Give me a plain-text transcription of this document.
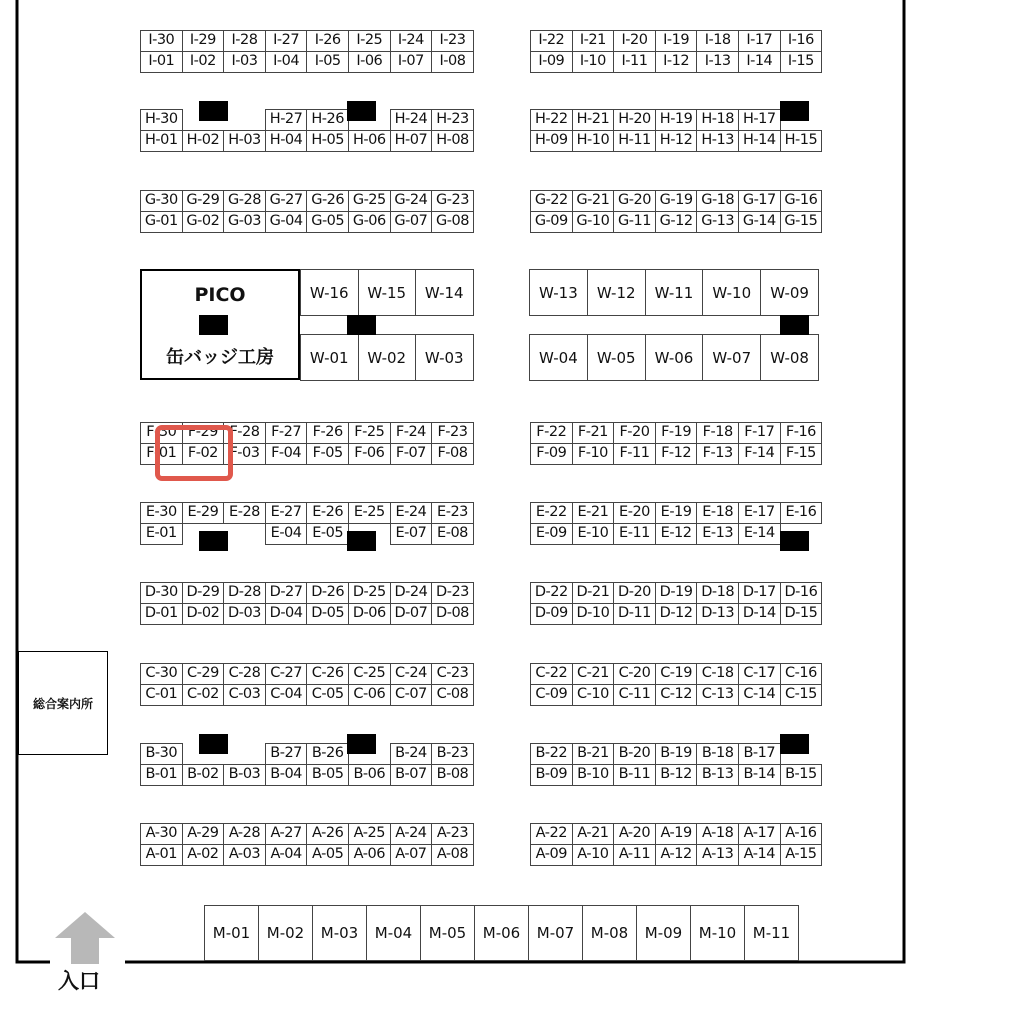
I-30	I-29	I-28	I-27	I-26	I-25	I-24	I-23
I-01	I-02	I-03	I-04	I-05	I-06	I-07	I-08
I-22	I-21	I-20	I-19	I-18	I-17	I-16
I-09	I-10	I-11	I-12	I-13	I-14	I-15
H-30	H-27 H-26	H-24 H-23
H-01 H-02 H-03 H-04 H-05 H-06 H-07 H-08
H-22 H-21 H-20 H-19 H-18 H-17
H-09 H-10 H-11 H-12 H-13 H-14 H-15
G-30 G-29 G-28 G-27 G-26 G-25 G-24 G-23
G-01 G-02 G-03 G-04 G-05 G-06 G-07 G-08
G-22 G-21 G-20 G-19 G-18 G-17 G-16
G-09 G-10 G-11 G-12 G-13 G-14 G-15
F-30 F-29 F-28 F-27 F-26 F-25 F-24 F-23
F-01 F-02 F-03 F-04 F-05 F-06 F-07 F-08
F-22 F-21 F-20 F-19 F-18 F-17 F-16
F-09 F-10 F-11 F-12 F-13 F-14 F-15
E-30 E-29 E-28 E-27 E-26 E-25 E-24 E-23
E-01	E-04 E-05	E-07 E-08
E-22 E-21 E-20 E-19 E-18 E-17 E-16
E-09 E-10 E-11 E-12 E-13 E-14
D-30 D-29 D-28 D-27 D-26 D-25 D-24 D-23
D-01 D-02 D-03 D-04 D-05 D-06 D-07 D-08
D-22 D-21 D-20 D-19 D-18 D-17 D-16
D-09 D-10 D-11 D-12 D-13 D-14 D-15
C-30 C-29 C-28 C-27 C-26 C-25 C-24 C-23
C-01 C-02 C-03 C-04 C-05 C-06 C-07 C-08
C-22 C-21 C-20 C-19 C-18 C-17 C-16
C-09 C-10 C-11 C-12 C-13 C-14 C-15
B-30	B-27 B-26	B-24 B-23
B-01 B-02 B-03 B-04 B-05 B-06 B-07 B-08
B-22 B-21 B-20 B-19 B-18 B-17
B-09 B-10 B-11 B-12 B-13 B-14 B-15
A-30 A-29 A-28 A-27 A-26 A-25 A-24 A-23
A-01 A-02 A-03 A-04 A-05 A-06 A-07 A-08
A-22 A-21 A-20 A-19 A-18 A-17 A-16
A-09 A-10 A-11 A-12 A-13 A-14 A-15
W-16	W-15	W-14
W-01	W-02	W-03
W-13	W-12	W-11	W-10	W-09
W-04	W-05	W-06	W-07	W-08
M-01	M-02	M-03	M-04	M-05	M-06	M-07	M-08	M-09	M-10	M-11
PICO
缶バッジ工房
総合案内所
入口
